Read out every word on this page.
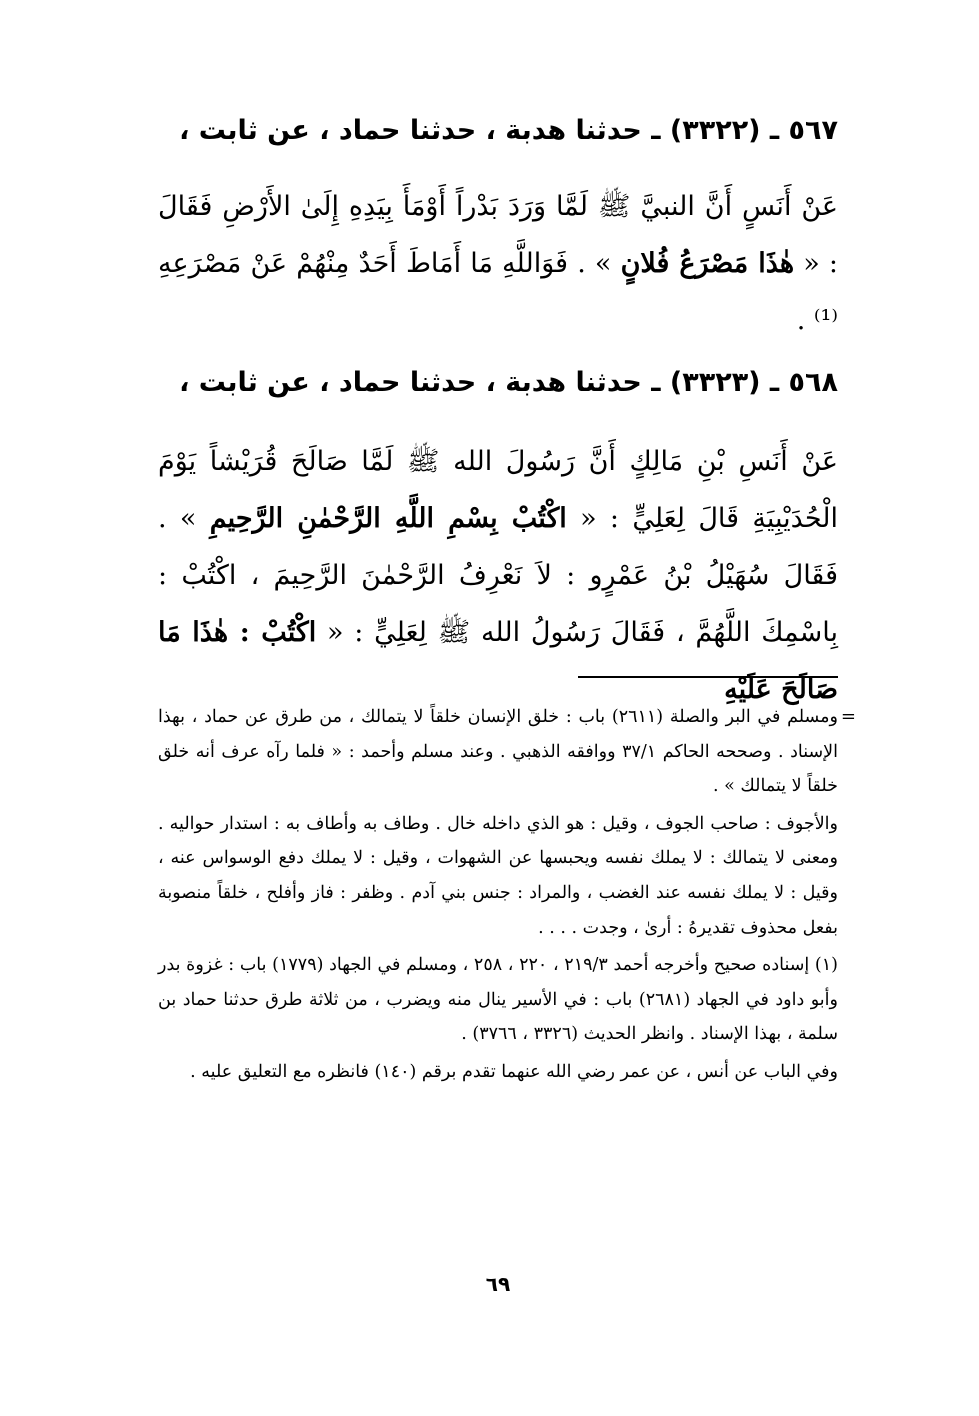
٥٦٧ ـ (٣٣٢٢) ـ حدثنا هدبة ، حدثنا حماد ، عن ثابت ،
عَنْ أَنَسٍ أَنَّ النبيَّ ﷺ لَمَّا وَرَدَ بَدْراً أَوْمَأَ بِيَدِهِ إِلَىٰ الأَرْضِ فَقَالَ : « هٰذَا مَصْرَعُ فُلانٍ » . فَوَاللَّهِ مَا أَمَاطَ أَحَدٌ مِنْهُمْ عَنْ مَصْرَعِهِ ⁽¹⁾ .
٥٦٨ ـ (٣٣٢٣) ـ حدثنا هدبة ، حدثنا حماد ، عن ثابت ،
عَنْ أَنَسِ بْنِ مَالِكٍ أَنَّ رَسُولَ الله ﷺ لَمَّا صَالَحَ قُرَيْشاً يَوْمَ الْحُدَيْبِيَةِ قَالَ لِعَلِيٍّ : « اكْتُبْ بِسْمِ اللَّهِ الرَّحْمٰنِ الرَّحِيمِ » . فَقَالَ سُهَيْلُ بْنُ عَمْرٍو : لاَ نَعْرِفُ الرَّحْمٰنَ الرَّحِيمَ ، اكْتُبْ : بِاسْمِكَ اللَّهُمَّ ، فَقَالَ رَسُولُ الله ﷺ لِعَلِيٍّ : « اكْتُبْ : هٰذَا مَا صَالَحَ عَلَيْهِ
=

ومسلم في البر والصلة (٢٦١١) باب : خلق الإنسان خلقاً لا يتمالك ، من طرق عن حماد ، بهذا الإسناد . وصححه الحاكم ٣٧/١ ووافقه الذهبي . وعند مسلم وأحمد : « فلما رآه عرف أنه خلق خلقاً لا يتمالك » .

والأجوف : صاحب الجوف ، وقيل : هو الذي داخله خال . وطاف به وأطاف به : استدار حواليه . ومعنى لا يتمالك : لا يملك نفسه ويحبسها عن الشهوات ، وقيل : لا يملك دفع الوسواس عنه ، وقيل : لا يملك نفسه عند الغضب ، والمراد : جنس بني آدم . وظفر : فاز وأفلح ، خلقاً منصوبة بفعل محذوف تقديرهُ : أرىٰ ، وجدت . . . .

(١) إسناده صحيح وأخرجه أحمد ٢١٩/٣ ، ٢٢٠ ، ٢٥٨ ، ومسلم في الجهاد (١٧٧٩) باب : غزوة بدر وأبو داود في الجهاد (٢٦٨١) باب : في الأسير ينال منه ويضرب ، من ثلاثة طرق حدثنا حماد بن سلمة ، بهذا الإسناد . وانظر الحديث (٣٣٢٦ ، ٣٧٦٦) .

وفي الباب عن أنس ، عن عمر رضي الله عنهما تقدم برقم (١٤٠) فانظره مع التعليق عليه .

٦٩
